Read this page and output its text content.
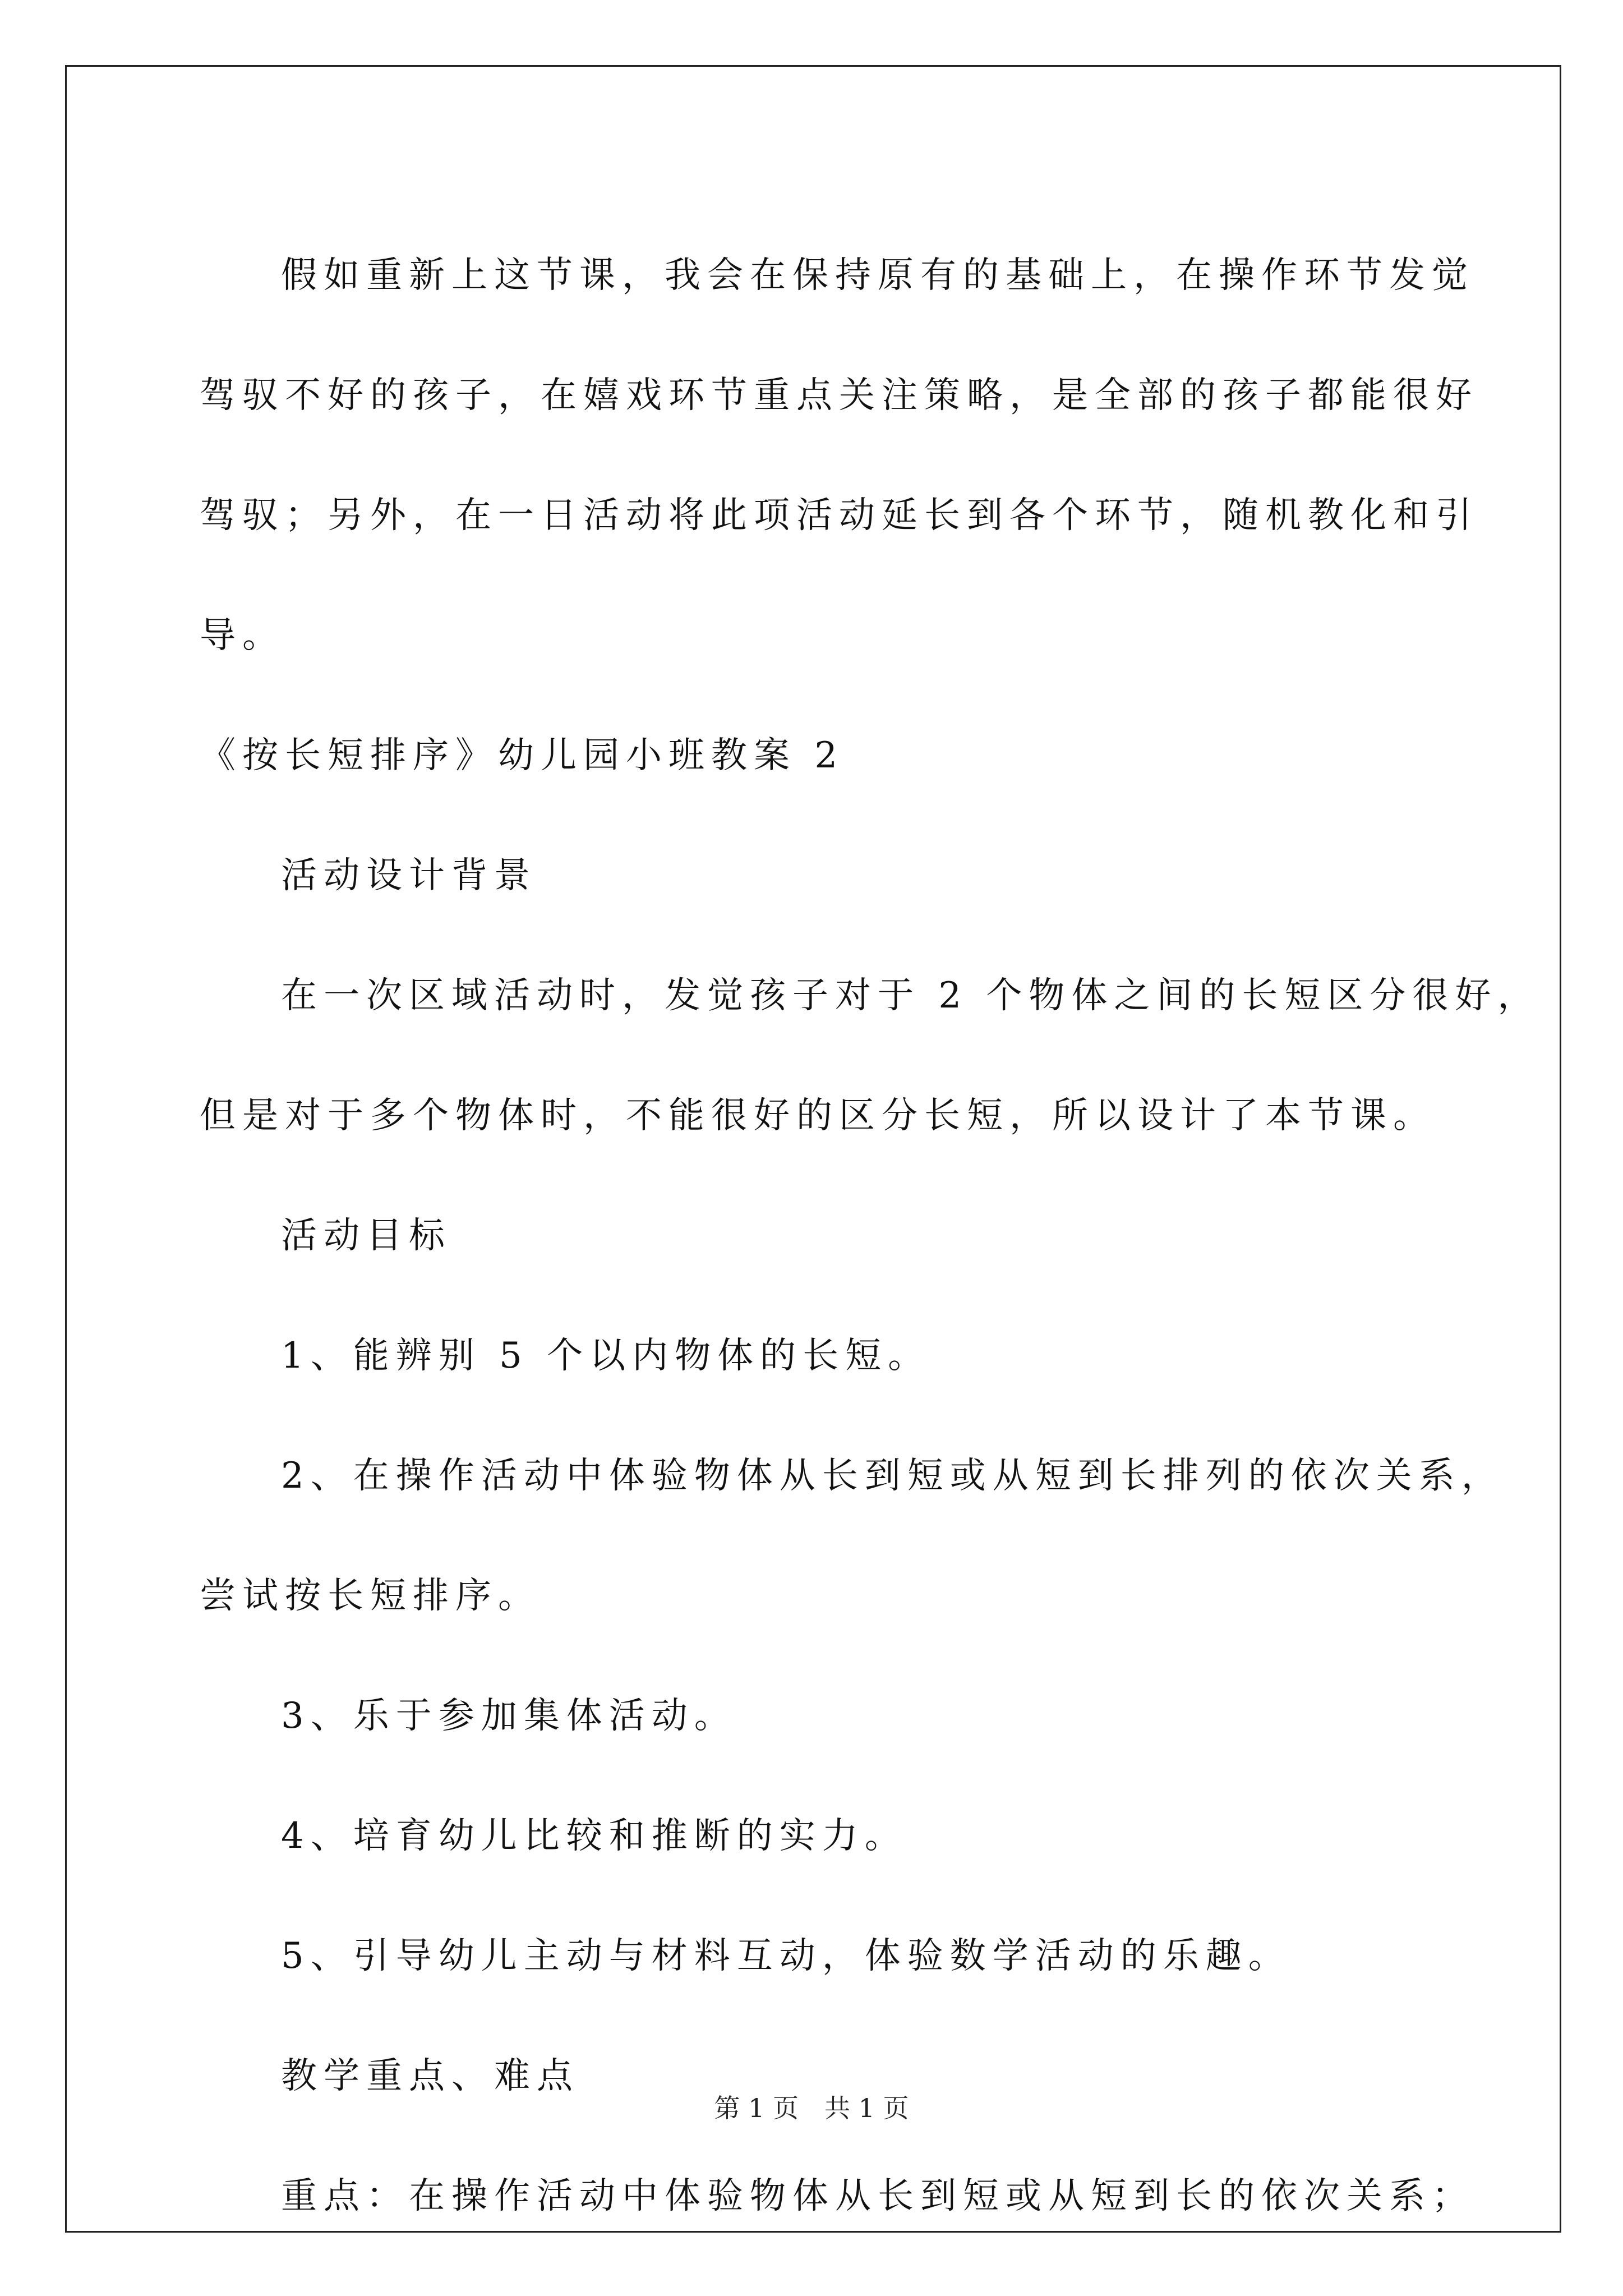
假如重新上这节课，我会在保持原有的基础上，在操作环节发觉
驾驭不好的孩子，在嬉戏环节重点关注策略，是全部的孩子都能很好
驾驭；另外，在一日活动将此项活动延长到各个环节，随机教化和引
导。
《按长短排序》幼儿园小班教案 2
活动设计背景
在一次区域活动时，发觉孩子对于 2 个物体之间的长短区分很好，
但是对于多个物体时，不能很好的区分长短，所以设计了本节课。
活动目标
1、能辨别 5 个以内物体的长短。
2、在操作活动中体验物体从长到短或从短到长排列的依次关系，
尝试按长短排序。
3、乐于参加集体活动。
4、培育幼儿比较和推断的实力。
5、引导幼儿主动与材料互动，体验数学活动的乐趣。
教学重点、难点
重点：在操作活动中体验物体从长到短或从短到长的依次关系；
第 1 页　共 1 页
